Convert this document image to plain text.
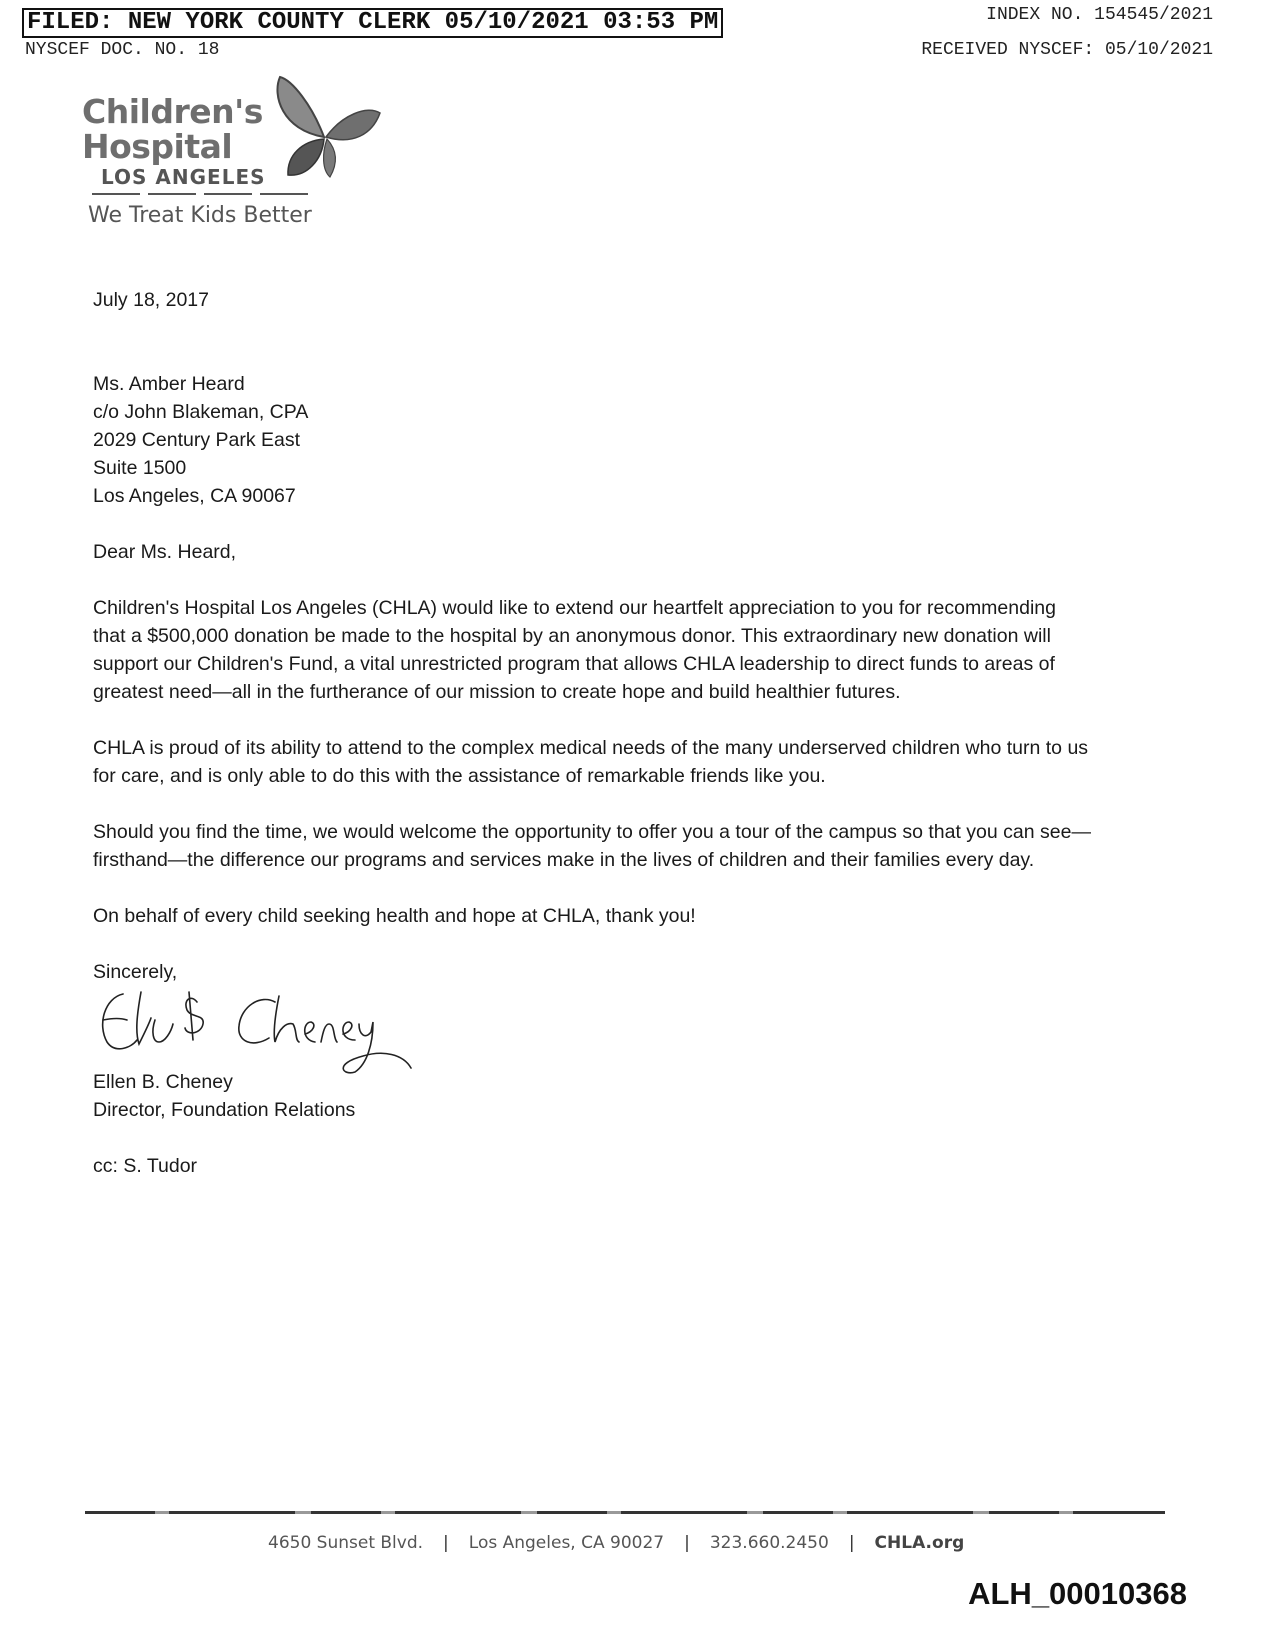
FILED: NEW YORK COUNTY CLERK 05/10/2021 03:53 PM	INDEX NO. 154545/2021
NYSCEF DOC. NO. 18	RECEIVED NYSCEF: 05/10/2021
Children's
Hospital
LOS ANGELES
We Treat Kids Better

July 18, 2017

Ms. Amber Heard
c/o John Blakeman, CPA
2029 Century Park East
Suite 1500
Los Angeles, CA 90067

Dear Ms. Heard,

Children's Hospital Los Angeles (CHLA) would like to extend our heartfelt appreciation to you for recommending that a $500,000 donation be made to the hospital by an anonymous donor. This extraordinary new donation will support our Children's Fund, a vital unrestricted program that allows CHLA leadership to direct funds to areas of greatest need—all in the furtherance of our mission to create hope and build healthier futures.

CHLA is proud of its ability to attend to the complex medical needs of the many underserved children who turn to us for care, and is only able to do this with the assistance of remarkable friends like you.

Should you find the time, we would welcome the opportunity to offer you a tour of the campus so that you can see—firsthand—the difference our programs and services make in the lives of children and their families every day.

On behalf of every child seeking health and hope at CHLA, thank you!

Sincerely,

Ellen B. Cheney
Director, Foundation Relations

cc: S. Tudor

4650 Sunset Blvd. | Los Angeles, CA 90027 | 323.660.2450 | CHLA.org
ALH_00010368
